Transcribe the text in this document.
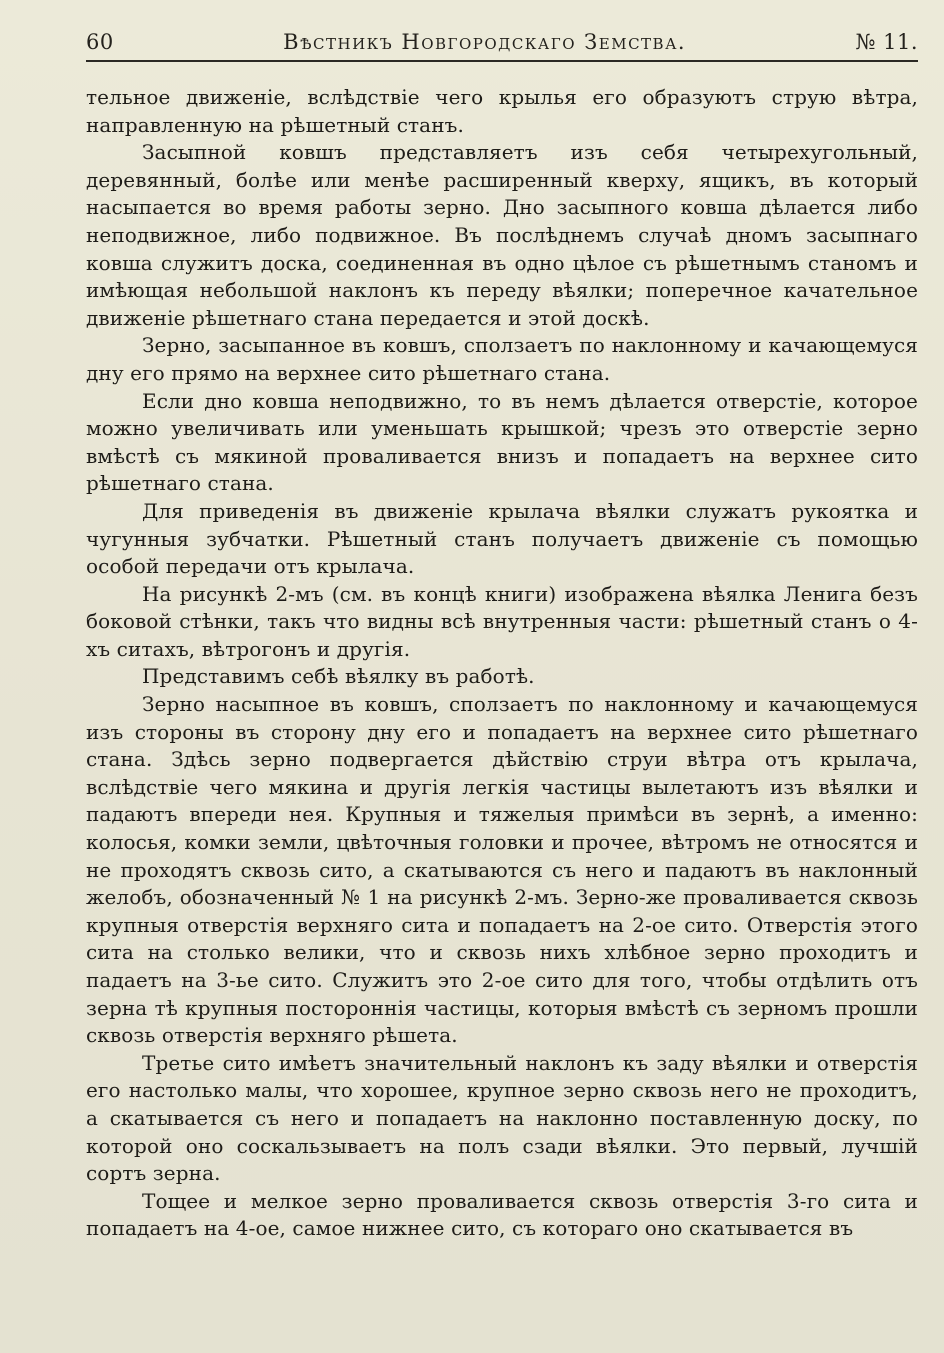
60	Вѣстникъ Новгородскаго Земства.	№ 11.

тельное движеніе, вслѣдствіе чего крылья его образуютъ струю вѣтра, направленную на рѣшетный станъ.

Засыпной ковшъ представляетъ изъ себя четырехугольный, деревянный, болѣе или менѣе расширенный кверху, ящикъ, въ который насыпается во время работы зерно. Дно засыпного ковша дѣлается либо неподвижное, либо подвижное. Въ послѣднемъ случаѣ дномъ засыпнаго ковша служитъ доска, соединенная въ одно цѣлое съ рѣшетнымъ станомъ и имѣющая небольшой наклонъ къ переду вѣялки; поперечное качательное движеніе рѣшетнаго стана передается и этой доскѣ.

Зерно, засыпанное въ ковшъ, сползаетъ по наклонному и качающемуся дну его прямо на верхнее сито рѣшетнаго стана.

Если дно ковша неподвижно, то въ немъ дѣлается отверстіе, которое можно увеличивать или уменьшать крышкой; чрезъ это отверстіе зерно вмѣстѣ съ мякиной проваливается внизъ и попадаетъ на верхнее сито рѣшетнаго стана.

Для приведенія въ движеніе крылача вѣялки служатъ рукоятка и чугунныя зубчатки. Рѣшетный станъ получаетъ движеніе съ помощью особой передачи отъ крылача.

На рисункѣ 2-мъ (см. въ концѣ книги) изображена вѣялка Ленига безъ боковой стѣнки, такъ что видны всѣ внутренныя части: рѣшетный станъ о 4-хъ ситахъ, вѣтрогонъ и другія.

Представимъ себѣ вѣялку въ работѣ.

Зерно насыпное въ ковшъ, сползаетъ по наклонному и качающемуся изъ стороны въ сторону дну его и попадаетъ на верхнее сито рѣшетнаго стана. Здѣсь зерно подвергается дѣйствію струи вѣтра отъ крылача, вслѣдствіе чего мякина и другія легкія частицы вылетаютъ изъ вѣялки и падаютъ впереди нея. Крупныя и тяжелыя примѣси въ зернѣ, а именно: колосья, комки земли, цвѣточныя головки и прочее, вѣтромъ не относятся и не проходятъ сквозь сито, а скатываются съ него и падаютъ въ наклонный желобъ, обозначенный № 1 на рисункѣ 2-мъ. Зерно-же проваливается сквозь крупныя отверстія верхняго сита и попадаетъ на 2-ое сито. Отверстія этого сита на столько велики, что и сквозь нихъ хлѣбное зерно проходитъ и падаетъ на 3-ье сито. Служитъ это 2-ое сито для того, чтобы отдѣлить отъ зерна тѣ крупныя постороннія частицы, которыя вмѣстѣ съ зерномъ прошли сквозь отверстія верхняго рѣшета.

Третье сито имѣетъ значительный наклонъ къ заду вѣялки и отверстія его настолько малы, что хорошее, крупное зерно сквозь него не проходитъ, а скатывается съ него и попадаетъ на наклонно поставленную доску, по которой оно соскальзываетъ на полъ сзади вѣялки. Это первый, лучшій сортъ зерна.

Тощее и мелкое зерно проваливается сквозь отверстія 3-го сита и попадаетъ на 4-ое, самое нижнее сито, съ котораго оно скатывается въ
